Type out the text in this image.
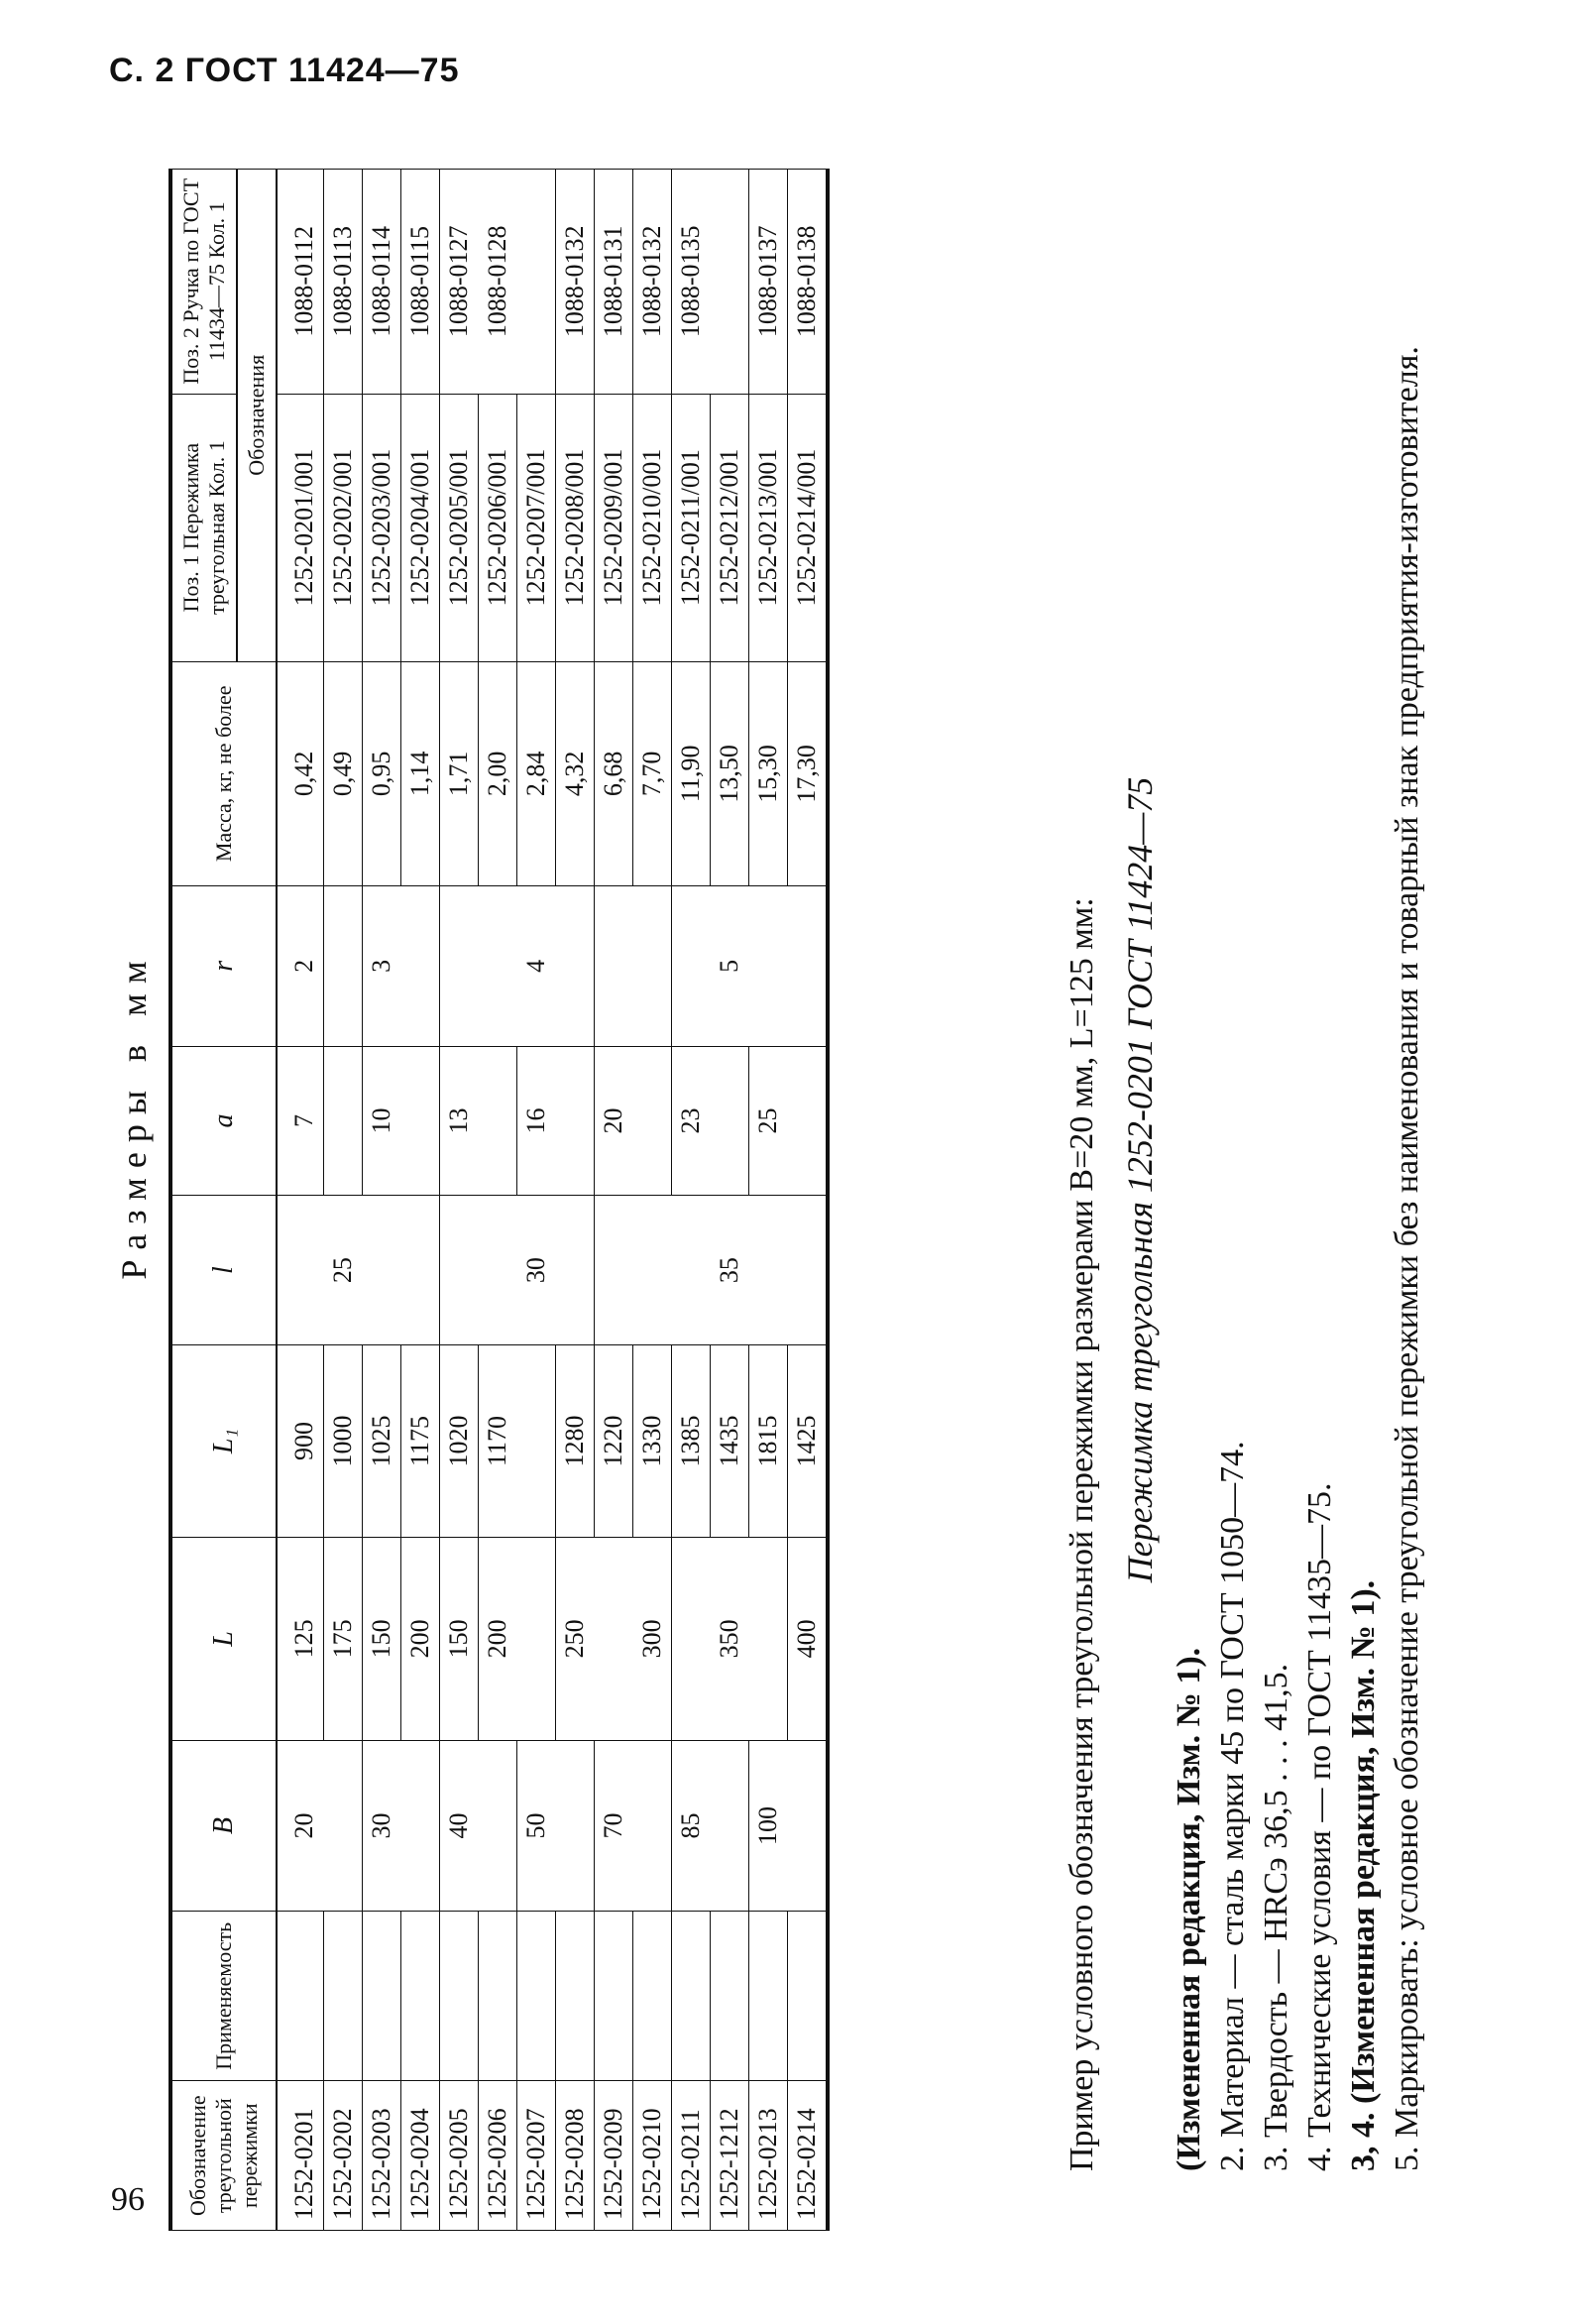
С. 2 ГОСТ 11424—75
96
Размеры в мм
Обозначение треугольной пережимки	Применяемость	B	L	L₁	l	a	r	Масса, кг, не более	Поз. 1 Пережимка треугольная Кол. 1	Поз. 2 Ручка по ГОСТ 11434—75 Кол. 1
									Обозначения	
1252-0201		20	125	900		7	2	0,42	1252-0201/001	1088-0112
1252-0202			175	1000	25			0,49	1252-0202/001	1088-0113
1252-0203		30	150	1025		10	3	0,95	1252-0203/001	1088-0114
1252-0204			200	1175				1,14	1252-0204/001	1088-0115
1252-0205		40	150	1020		13		1,71	1252-0205/001	1088-0127
1252-0206			200	1170				2,00	1252-0206/001	1088-0128
1252-0207		50			30	16	4	2,84	1252-0207/001	
1252-0208			250	1280				4,32	1252-0208/001	1088-0132
1252-0209		70		1220		20		6,68	1252-0209/001	1088-0131
1252-0210			300	1330				7,70	1252-0210/001	1088-0132
1252-0211		85		1385		23		11,90	1252-0211/001	1088-0135
1252-1212			350	1435	35		5	13,50	1252-0212/001	
1252-0213		100		1815		25		15,30	1252-0213/001	1088-0137
1252-0214			400	1425				17,30	1252-0214/001	1088-0138

Пример условного обозначения треугольной пережимки размерами B=20 мм, L=125 мм: Пережимка треугольная 1252-0201 ГОСТ 11424—75

(Измененная редакция, Изм. № 1). 2. Материал — сталь марки 45 по ГОСТ 1050—74. 3. Твердость — HRCэ 36,5 . . . 41,5. 4. Технические условия — по ГОСТ 11435—75. 3, 4. (Измененная редакция, Изм. № 1). 5. Маркировать: условное обозначение треугольной пережимки без наименования и товарный знак предприятия-изготовителя.
